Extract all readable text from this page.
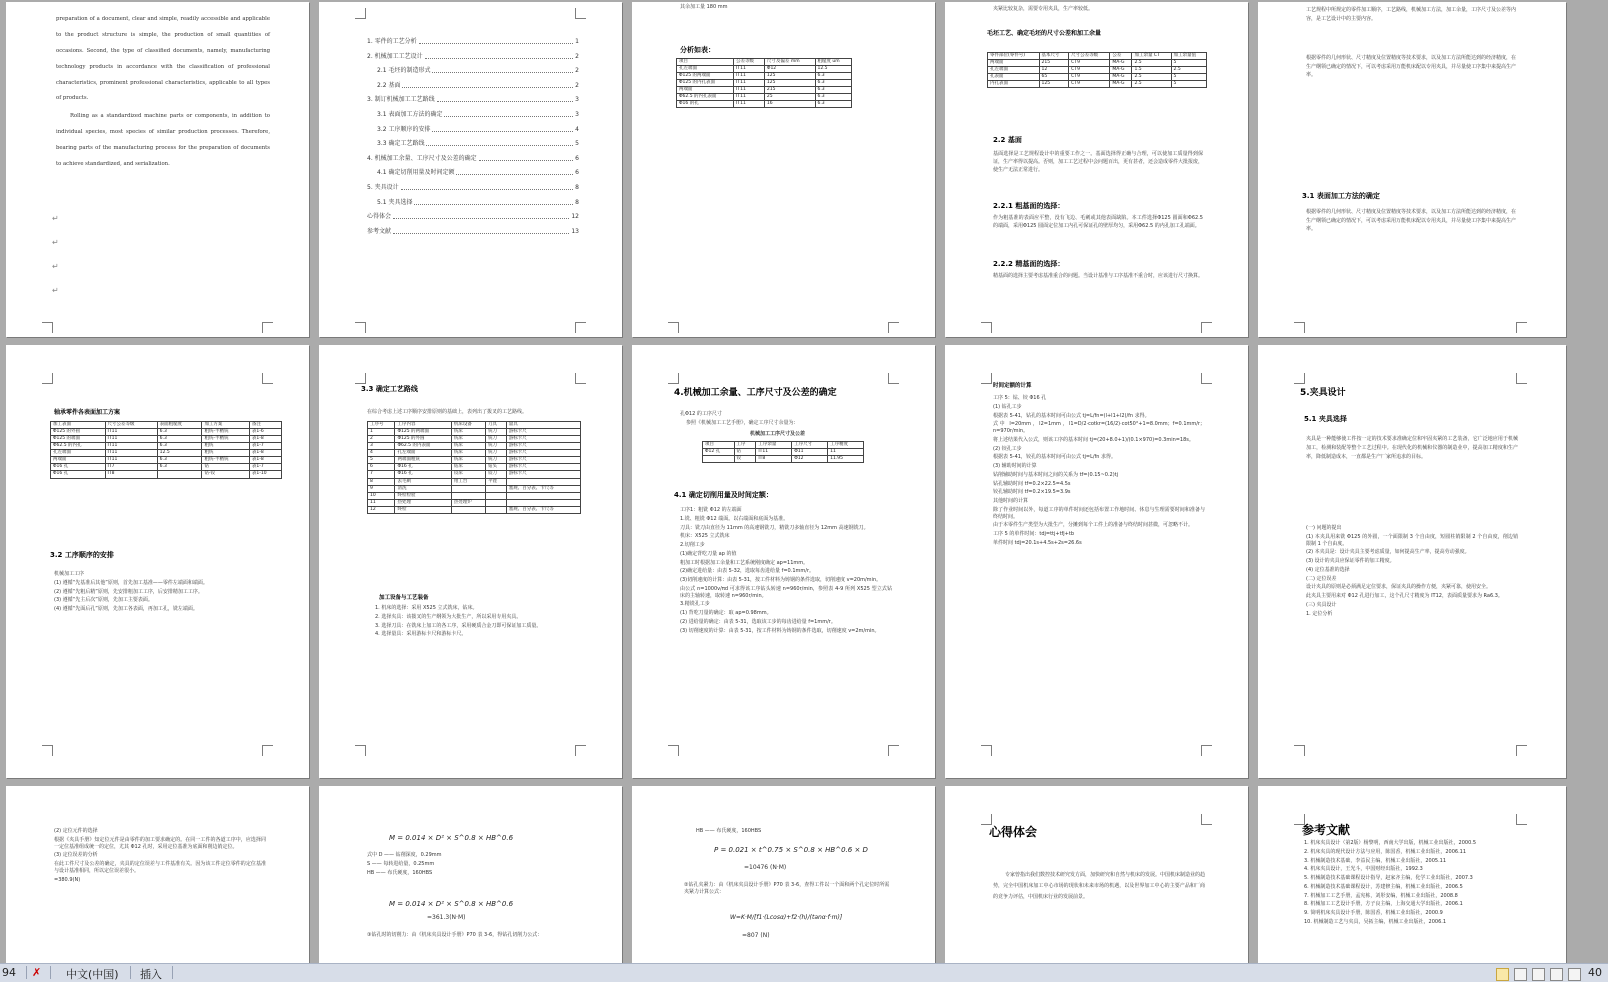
preparation of a document, clear and simple, readily accessible and applicable to the product structure is simple, the production of small quantities of occasions. Second, the type of classified documents, namely, manufacturing technology products in accordance with the classification of professional characteristics, prominent professional characteristics, applicable to all types of products.
Rolling as a standardized machine parts or components, in addition to individual species, most species of similar production processes. Therefore, bearing parts of the manufacturing process for the preparation of documents to achieve standardized, and serialization.
↵
↵
↵
↵
1. 零件的工艺分析	1
2. 机械加工工艺设计	2
2.1 毛坯的制造形式	2
2.2 基面	2
3. 制订机械加工工艺路线	3
3.1 表面加工方法的确定	3
3.2 工序顺序的安排	4
3.3 确定工艺路线	5
4. 机械加工余量、工序尺寸及公差的确定	6
4.1 确定切削用量及时间定额	6
5. 夹具设计	8
5.1 夹具选择	8
心得体会	12
参考文献	13
其余加工量 180 mm
分析如表：
项目	公差等级	尺寸及偏差 mm	粗糙度 um
孔左端面	IT11	Φ12	12.5
Φ125 的两端面	IT11	125	6.3
Φ125 的内孔表面	IT11	125	6.3
两端面	IT11	215	6.3
Φ62.5 的内孔表面	IT11	25	6.3
Φ16 的孔	IT11	16	6.3
夹紧比较复杂，需要专用夹具，生产率较低。
毛坯工艺、确定毛坯的尺寸公差和加工余量
零件部位(零件号)	基本尺寸	尺寸公差等级	公差	加工余量 CT	加工余量值
两端面	215	CT9	MA-G	2.5	5
孔左端面	12	CT9	MA-G	1.5	2.5
孔表面	65	CT9	MA-G	2.5	5
内孔表面	125	CT9	MA-G	2.5	5
2.2 基面
基面选择是工艺规程设计中的重要工作之一。基面选择得正确与合理，可以使加工质量得到保证，生产率得以提高。否则，加工工艺过程中会问题百出，更有甚者，还会造成零件大批报废，使生产无法正常进行。
2.2.1 粗基面的选择：
作为粗基准的表面应平整，没有飞边、毛刺或其他表面缺陷。本工件选择Φ125 圆面和Φ62.5 的端面，采用Φ125 圆面定位加工内孔可保证孔的壁厚均匀，采用Φ62.5 的内孔加工孔端面。
2.2.2 精基面的选择：
精基面的选择主要考虑基准重合的问题。当设计基准与工序基准不重合时，应该进行尺寸换算。
工艺规程中所规定的零件加工顺序，工艺路线，机械加工方法，加工余量，工序尺寸及公差等内容，是工艺设计中的主要内容。
根据零件的几何形状、尺寸精度及位置精度等技术要求，以及加工方法所能达到的经济精度，在生产纲领已确定的情况下，可以考虑采用万能机床配以专用夹具，并尽量使工序集中来提高生产率。
3.1 表面加工方法的确定
根据零件的几何形状、尺寸精度及位置精度等技术要求，以及加工方法所能达到的经济精度，在生产纲领已确定的情况下，可以考虑采用万能机床配以专用夹具，并尽量使工序集中来提高生产率。
轴承零件各表面加工方案
加工表面	尺寸公差等级	表面粗糙度	加工方案	备注
Φ125 的外圆	IT11	6.3	粗铣-半精铣	表1-6
Φ125 的端面	IT11	6.3	粗铣-半精铣	表1-8
Φ62.5 的内孔	IT11	6.3	粗铣	表1-7
孔左端面	IT11	12.5	粗铣	表1-8
两端面	IT11	6.3	粗铣-半精铣	表1-8
Φ16 孔	IT7	6.3	钻	表1-7
Φ16 孔	IT8		钻-铰	表1-10
3.2 工序顺序的安排
机械加工工序
(1) 遵循“先基准后其他”原则，首先加工基准——零件左端面和端面。
(2) 遵循“先粗后精”原则，先安排粗加工工序，后安排精加工工序。
(3) 遵循“先主后次”原则，先加工主要表面。
(4) 遵循“先面后孔”原则，先加工各表面，再加工孔，铣左端面。
3.3 确定工艺路线
在综合考虑上述工序顺序安排原则的基础上，表列出了拨叉的工艺路线。
工序号	工序内容	机床设备	刀具	量具
1	Φ125 的两端面	铣床	铣刀	游标卡尺
2	Φ125 的外圆	铣床	铣刀	游标卡尺
3	Φ62.5 的内表面	铣床	铣刀	游标卡尺
4	孔左端面	铣床	铣刀	游标卡尺
5	两端面粗铣	铣床	铣刀	游标卡尺
6	Φ16 孔	钻床	钻头	游标卡尺
7	Φ16 孔	铰床	铰刀	游标卡尺
8	去毛刺	钳工台	平锉	
9	清洗			塞规、百分表、卡尺等
10	终检检验			
11	热处理	热处理炉		
12	终检			塞规、百分表、卡尺等
加工设备与工艺装备
1. 机床的选择：采用 X525 立式铣床，钻床。
2. 选择夹具：该拨叉的生产纲领为大批生产，所以采用专用夹具。
3. 选择刀具：在铣床上加工的各工序，采用硬质合金刀即可保证加工质量。
4. 选择量具：采用游标卡尺和游标卡尺。
4.机械加工余量、工序尺寸及公差的确定
孔Φ12 的工序尺寸
参照《机械加工工艺手册》，确定工序尺寸余量为：
机械加工工序尺寸及公差
项目	工序	工序余量	工序尺寸	工序精度
Φ12 孔	钻	IT11	Φ11	11
	铰	IT8	Φ12	11.95
4.1 确定切削用量及时间定额：
工序1：粗铣 Φ12 的左端面
1.铣、粗铣 Φ12 端面。以右端面和底面为基准。
刀具：铣刀由直径为 11mm 的高速钢铣刀，精铣刀多轴直径为 12mm 高速钢铣刀。
机床：X525 立式铣床
2.切削工步
(1)确定背吃刀量 ap 的值
粗加工时根据加工余量和工艺系统刚度确定 ap=11mm。
(2)确定进给量：由表 5-32，选取每齿进给量 f=0.1mm/r。
(3)切削速度的计算：由表 5-31，按工件材料为铸钢的条件选取，切削速度 v=20m/min。
由公式 n=1000v/πd 可求得该工序钻头转速 n=960r/min，参照表 4-9 所列 X525 型立式钻床的主轴转速，取转速 n=960r/min。
3.精铣孔工步
(1) 背吃刀量的确定：取 ap=0.98mm。
(2) 进给量的确定：由表 5-31，选取该工步的每齿进给量 f=1mm/r。
(3) 切削速度的计算：由表 5-31，按工件材料为铸钢的条件选取，切削速度 v=2m/min。
时间定额的计算
工序 5：钻、铰 Φ16 孔
(1) 钻孔工步
根据表 5-41，钻孔的基本时间可由公式 tj=L/fn=(l+l1+l2)/fn 求得。
式中 l=20mm，l2=1mm，l1=D/2·cotkr=(16/2)·cot50°+1=8.0mm；f=0.1mm/r；n=970r/min。
将上述结果代入公式，则该工序的基本时间 tj=(20+8.0+1)/(0.1×970)=0.3min=18s。
(2) 铰孔工步
根据表 5-41，铰孔的基本时间可由公式 tj=L/fn 求得。
(3) 辅助时间的计算
钻削辅助时间与基本时间之间的关系为 tf=(0.15~0.2)tj
钻孔辅助时间 tf=0.2×22.5=4.5s
铰孔辅助时间 tf=0.2×19.5=3.9s
其他时间的计算
除了作业时间以外，每道工序的单件时间还包括布置工作地时间、休息与生理需要时间和准备与终结时间。
由于本零件生产类型为大批生产，分摊到每个工件上的准备与终结时间甚微，可忽略不计。
工序 5 的单件时间：tdj=ttj+tfj+tb
单件时间 tdj=20.1s+4.5s+2s=26.6s
5.夹具设计
5.1 夹具选择
夹具是一种能够使工件按一定的技术要求准确定位和牢固夹紧的工艺装备，它广泛地应用于机械加工，检测和装配等整个工艺过程中。在现代化的机械和仪器的制造业中，提高加工精度和生产率，降低制造成本，一直都是生产厂家所追求的目标。
(一) 问题的提出
(1) 本夹具用来铣 Φ125 的外圆，一个面限制 3 个自由度，短圆柱销限制 2 个自由度，削边销限制 1 个自由度。
(2) 本夹具是：设计夹具主要考虑质量，如何提高生产率，提高劳动强度。
(3) 设计的夹具应保证零件的加工精度。
(4) 定位基准的选择
(二) 定位误差
设计夹具的原则是必须满足定位要求，保证夹具的操作方便，夹紧可靠，使用安全。
此夹具主要用来对 Φ12 孔进行加工，这个孔尺寸精度为 IT12，表面质量要求为 Ra6.3。
(三) 夹具设计
1. 定位分析
(2) 定位元件的选择
根据《夹具手册》知定位元件是由零件的加工要求确定的。在同一工件的各道工序中，应选择同一定位基准组成统一的定位，尤其 Φ12 孔时，采用定位基准为底面和削边销定位。
(3) 定位误差的分析
在此工件尺寸及公差的确定，夹具的定位误差与工件基准有关。因为该工件定位零件的定位基准与设计基准相同，所以定位误差很小。
=380.9(N)
M = 0.014 × D² × S^0.8 × HB^0.6
式中 D —— 钻削深度，0.29mm
S —— 每转进给量，0.25mm
HB —— 布氏硬度，160HBS
M = 0.014 × D² × S^0.8 × HB^0.6
=361.3(N·M)
③钻孔时的切削力：由《机床夹具设计手册》P70 表 3-6，得钻孔切削力公式：
HB —— 布氏硬度，160HBS
P = 0.021 × t^0.75 × S^0.8 × HB^0.6 × D
=10476 (N·M)
②钻孔夹紧力：由《机床夹具设计手册》P70 表 3-6，查得工件以一个面和两个孔定位时所需夹紧力计算公式：
W=K·M/[f1·(Lcosα)+f2·(h)/(tanα·f·m)]
=807 (N)
心得体会
专家曾指出我们数控技术研究发方面，加快研究和自然与机床的发展。中国机床制造业的趋势，完全中国机床加工中心市场的现状和未来市场的机遇，以及世界加工中心的主要产品和厂商的竞争力评估，中国机床行业的发展前景。
参考文献
1. 机床夹具设计（第2版）杨黎明，西南大学出版，机械工业出版社，2000.5
2. 机床夹具的现代设计方法与应用，陈国香，机械工业出版社，2006.11
3. 机械制造技术基础，李益民主编，机械工业出版社，2005.11
4. 机床夹具设计，王光斗，中国财经出版社，1992.3
5. 机械制造技术基础课程设计指导，赵家齐主编，化学工业出版社，2007.3
6. 机械制造技术基础课程设计，苏建修主编，机械工业出版社，2006.5
7. 机械加工工艺手册，孟宪栋，刘彤安编，机械工业出版社，2008.8
8. 机械加工工艺设计手册，方子良主编，上海交通大学出版社，2006.1
9. 简明机床夹具设计手册，陈国香，机械工业出版社，2000.9
10. 机械制造工艺与夹具，吴拓主编，机械工业出版社，2006.1
94 ✗ 中文(中国) 插入	40
